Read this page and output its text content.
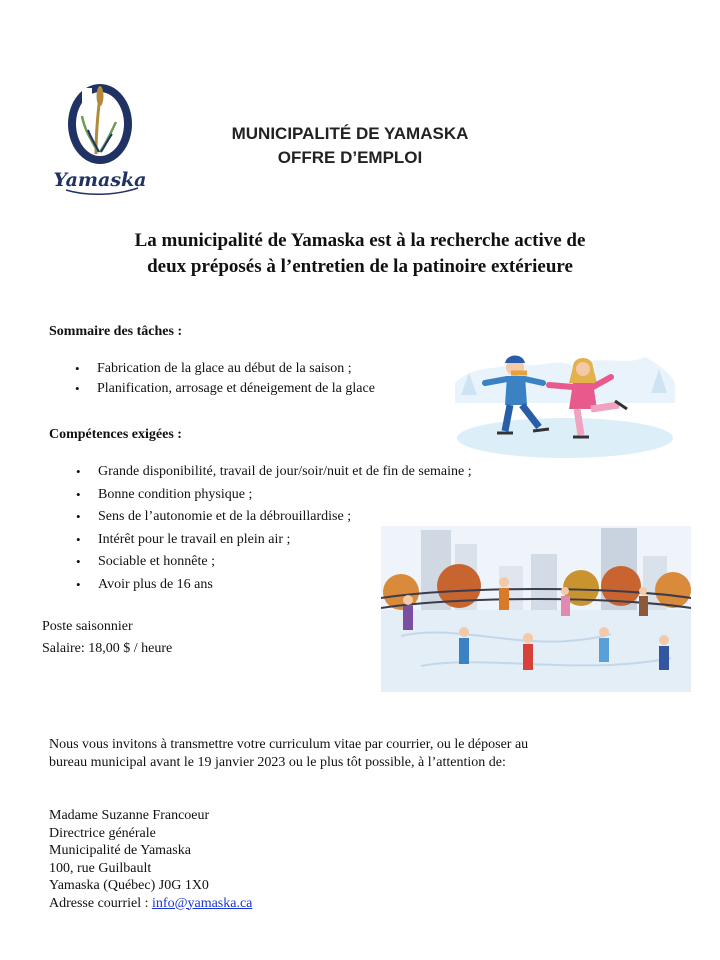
Yamaska
MUNICIPALITÉ DE YAMASKA
OFFRE D’EMPLOI
La municipalité de Yamaska est à la recherche active de
deux préposés à l’entretien de la patinoire extérieure
Sommaire des tâches :
• Fabrication de la glace au début de la saison ;
• Planification, arrosage et déneigement de la glace
Compétences exigées :
• Grande disponibilité, travail de jour/soir/nuit et de fin de semaine ;
• Bonne condition physique ;
• Sens de l’autonomie et de la débrouillardise ;
• Intérêt pour le travail en plein air ;
• Sociable et honnête ;
• Avoir plus de 16 ans
Poste saisonnier
Salaire: 18,00 $ / heure
Nous vous invitons à transmettre votre curriculum vitae par courrier, ou le déposer au
bureau municipal avant le 19 janvier 2023 ou le plus tôt possible, à l’attention de:
Madame Suzanne Francoeur
Directrice générale
Municipalité de Yamaska
100, rue Guilbault
Yamaska (Québec) J0G 1X0
Adresse courriel : info@yamaska.ca
